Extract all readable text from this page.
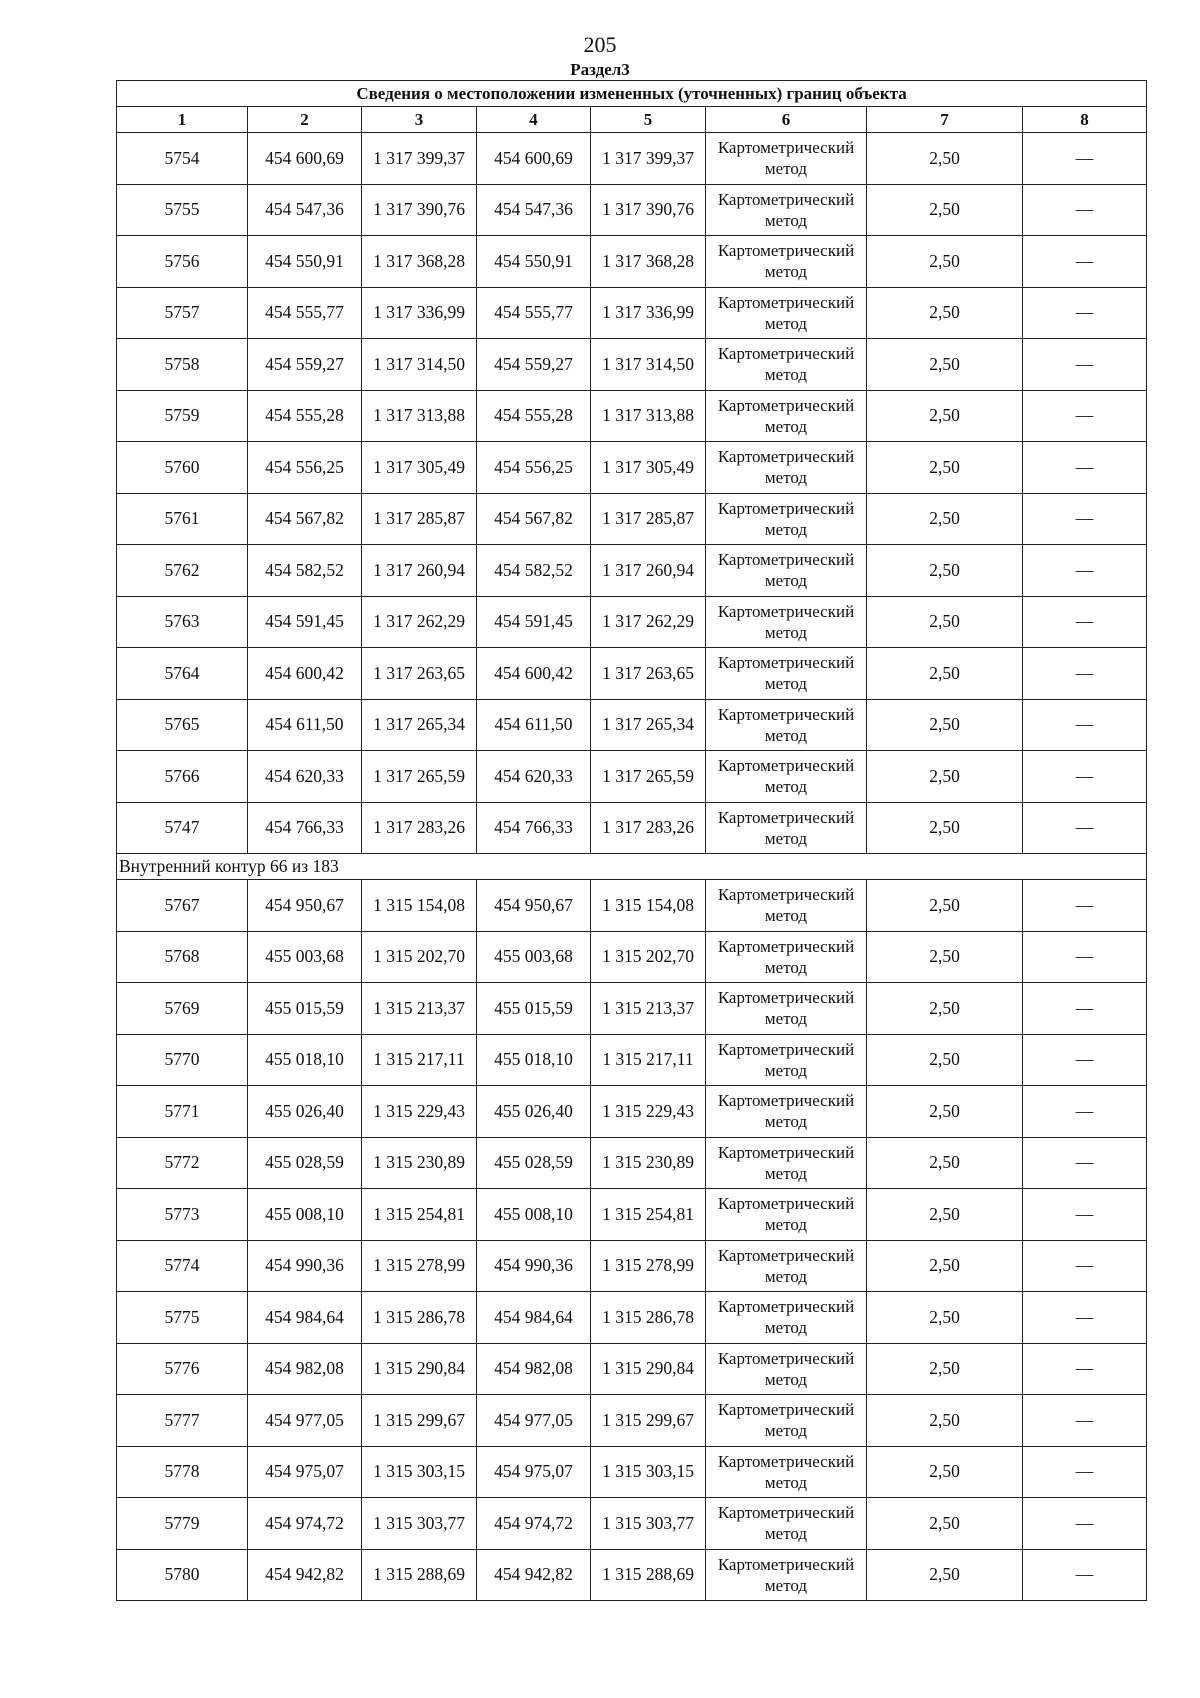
205
Раздел3
Сведения о местоположении измененных (уточненных) границ объекта							
1	2	3	4	5	6	7	8
5754	454 600,69	1 317 399,37	454 600,69	1 317 399,37	Картометрический метод	2,50	—
5755	454 547,36	1 317 390,76	454 547,36	1 317 390,76	Картометрический метод	2,50	—
5756	454 550,91	1 317 368,28	454 550,91	1 317 368,28	Картометрический метод	2,50	—
5757	454 555,77	1 317 336,99	454 555,77	1 317 336,99	Картометрический метод	2,50	—
5758	454 559,27	1 317 314,50	454 559,27	1 317 314,50	Картометрический метод	2,50	—
5759	454 555,28	1 317 313,88	454 555,28	1 317 313,88	Картометрический метод	2,50	—
5760	454 556,25	1 317 305,49	454 556,25	1 317 305,49	Картометрический метод	2,50	—
5761	454 567,82	1 317 285,87	454 567,82	1 317 285,87	Картометрический метод	2,50	—
5762	454 582,52	1 317 260,94	454 582,52	1 317 260,94	Картометрический метод	2,50	—
5763	454 591,45	1 317 262,29	454 591,45	1 317 262,29	Картометрический метод	2,50	—
5764	454 600,42	1 317 263,65	454 600,42	1 317 263,65	Картометрический метод	2,50	—
5765	454 611,50	1 317 265,34	454 611,50	1 317 265,34	Картометрический метод	2,50	—
5766	454 620,33	1 317 265,59	454 620,33	1 317 265,59	Картометрический метод	2,50	—
5747	454 766,33	1 317 283,26	454 766,33	1 317 283,26	Картометрический метод	2,50	—
Внутренний контур 66 из 183							
5767	454 950,67	1 315 154,08	454 950,67	1 315 154,08	Картометрический метод	2,50	—
5768	455 003,68	1 315 202,70	455 003,68	1 315 202,70	Картометрический метод	2,50	—
5769	455 015,59	1 315 213,37	455 015,59	1 315 213,37	Картометрический метод	2,50	—
5770	455 018,10	1 315 217,11	455 018,10	1 315 217,11	Картометрический метод	2,50	—
5771	455 026,40	1 315 229,43	455 026,40	1 315 229,43	Картометрический метод	2,50	—
5772	455 028,59	1 315 230,89	455 028,59	1 315 230,89	Картометрический метод	2,50	—
5773	455 008,10	1 315 254,81	455 008,10	1 315 254,81	Картометрический метод	2,50	—
5774	454 990,36	1 315 278,99	454 990,36	1 315 278,99	Картометрический метод	2,50	—
5775	454 984,64	1 315 286,78	454 984,64	1 315 286,78	Картометрический метод	2,50	—
5776	454 982,08	1 315 290,84	454 982,08	1 315 290,84	Картометрический метод	2,50	—
5777	454 977,05	1 315 299,67	454 977,05	1 315 299,67	Картометрический метод	2,50	—
5778	454 975,07	1 315 303,15	454 975,07	1 315 303,15	Картометрический метод	2,50	—
5779	454 974,72	1 315 303,77	454 974,72	1 315 303,77	Картометрический метод	2,50	—
5780	454 942,82	1 315 288,69	454 942,82	1 315 288,69	Картометрический метод	2,50	—
